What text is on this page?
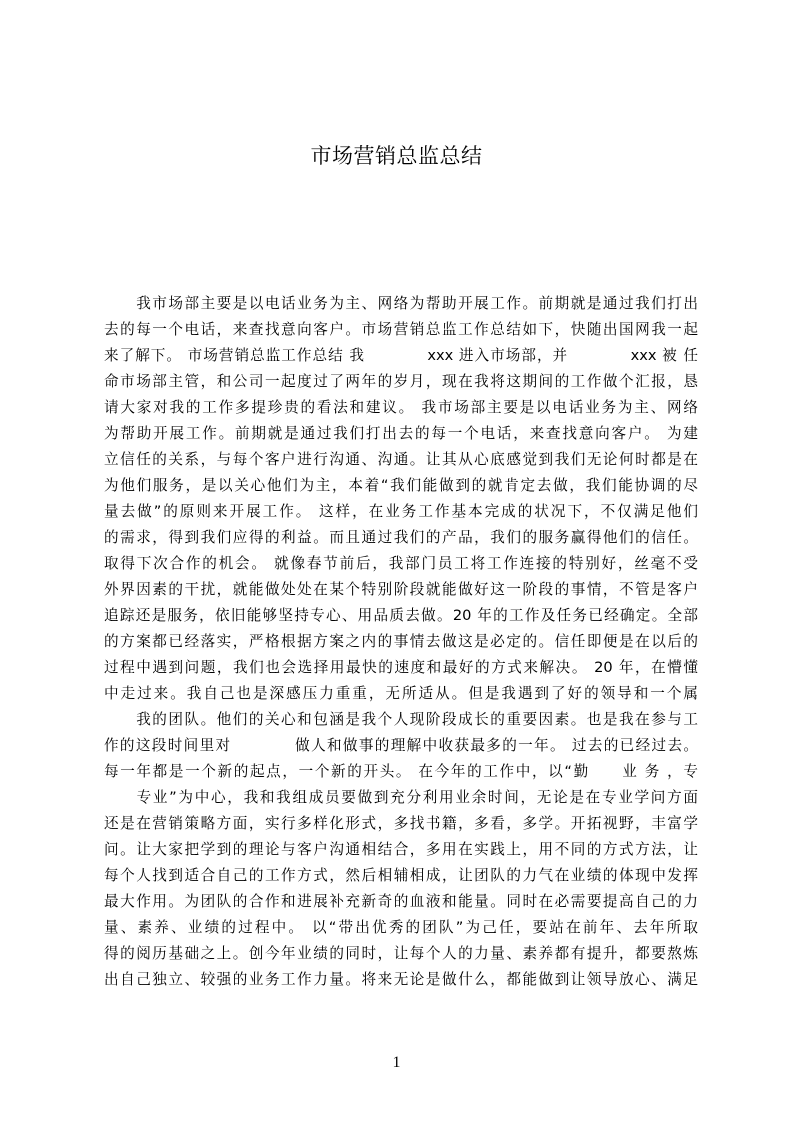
市场营销总监总结
　　我市场部主要是以电话业务为主、网络为帮助开展工作。前期就是通过我们打出
去的每一个电话，来查找意向客户。市场营销总监工作总结如下，快随出国网我一起
来了解下。 市场营销总监工作总结 我　　　　xxx 进入市场部，并　　　　xxx 被 任
命市场部主管，和公司一起度过了两年的岁月，现在我将这期间的工作做个汇报，恳
请大家对我的工作多提珍贵的看法和建议。 我市场部主要是以电话业务为主、网络
为帮助开展工作。前期就是通过我们打出去的每一个电话，来查找意向客户。 为建
立信任的关系，与每个客户进行沟通、沟通。让其从心底感觉到我们无论何时都是在
为他们服务，是以关心他们为主，本着“我们能做到的就肯定去做，我们能协调的尽
量去做”的原则来开展工作。 这样，在业务工作基本完成的状况下，不仅满足他们
的需求，得到我们应得的利益。而且通过我们的产品，我们的服务赢得他们的信任。
取得下次合作的机会。 就像春节前后，我部门员工将工作连接的特别好，丝毫不受
外界因素的干扰，就能做处处在某个特别阶段就能做好这一阶段的事情，不管是客户
追踪还是服务，依旧能够坚持专心、用品质去做。20 年的工作及任务已经确定。全部
的方案都已经落实，严格根据方案之内的事情去做这是必定的。信任即便是在以后的
过程中遇到问题，我们也会选择用最快的速度和最好的方式来解决。 20 年，在懵懂
中走过来。我自己也是深感压力重重，无所适从。但是我遇到了好的领导和一个属
　　我的团队。他们的关心和包涵是我个人现阶段成长的重要因素。也是我在参与工
作的这段时间里对　　　　做人和做事的理解中收获最多的一年。 过去的已经过去。
每一年都是一个新的起点，一个新的开头。 在今年的工作中，以“勤　　业 务 ，专
　　专业”为中心，我和我组成员要做到充分利用业余时间，无论是在专业学问方面
还是在营销策略方面，实行多样化形式，多找书籍，多看，多学。开拓视野，丰富学
问。让大家把学到的理论与客户沟通相结合，多用在实践上，用不同的方式方法，让
每个人找到适合自己的工作方式，然后相辅相成，让团队的力气在业绩的体现中发挥
最大作用。为团队的合作和进展补充新奇的血液和能量。同时在必需要提高自己的力
量、素养、业绩的过程中。 以“带出优秀的团队”为己任，要站在前年、去年所取
得的阅历基础之上。创今年业绩的同时，让每个人的力量、素养都有提升，都要熬炼
出自己独立、较强的业务工作力量。将来无论是做什么，都能做到让领导放心、满足
1
